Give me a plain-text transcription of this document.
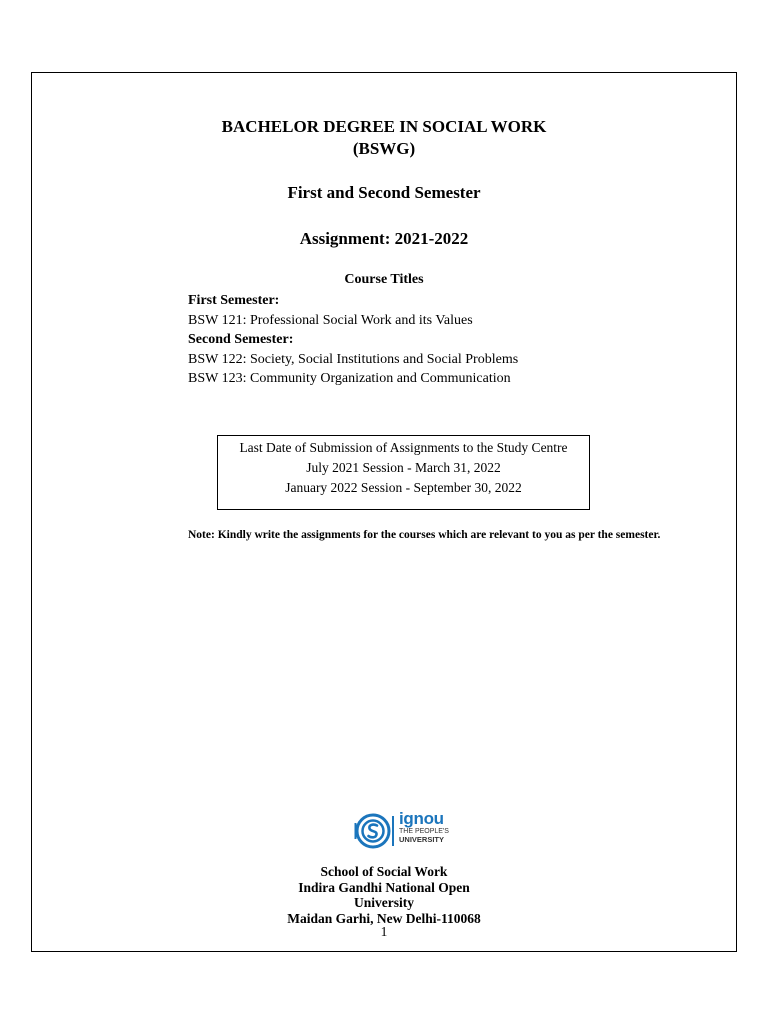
BACHELOR DEGREE IN SOCIAL WORK
(BSWG)
First and Second Semester
Assignment: 2021-2022
Course Titles
First Semester:
BSW 121: Professional Social Work and its Values
Second Semester:
BSW 122: Society, Social Institutions and Social Problems
BSW 123: Community Organization and Communication
Last Date of Submission of Assignments to the Study Centre
July 2021 Session - March 31, 2022
January 2022 Session - September 30, 2022
Note: Kindly write the assignments for the courses which are relevant to you as per the semester.
ignou
THE PEOPLE'S
UNIVERSITY
School of Social Work
Indira Gandhi National Open
University
Maidan Garhi, New Delhi-110068
1
